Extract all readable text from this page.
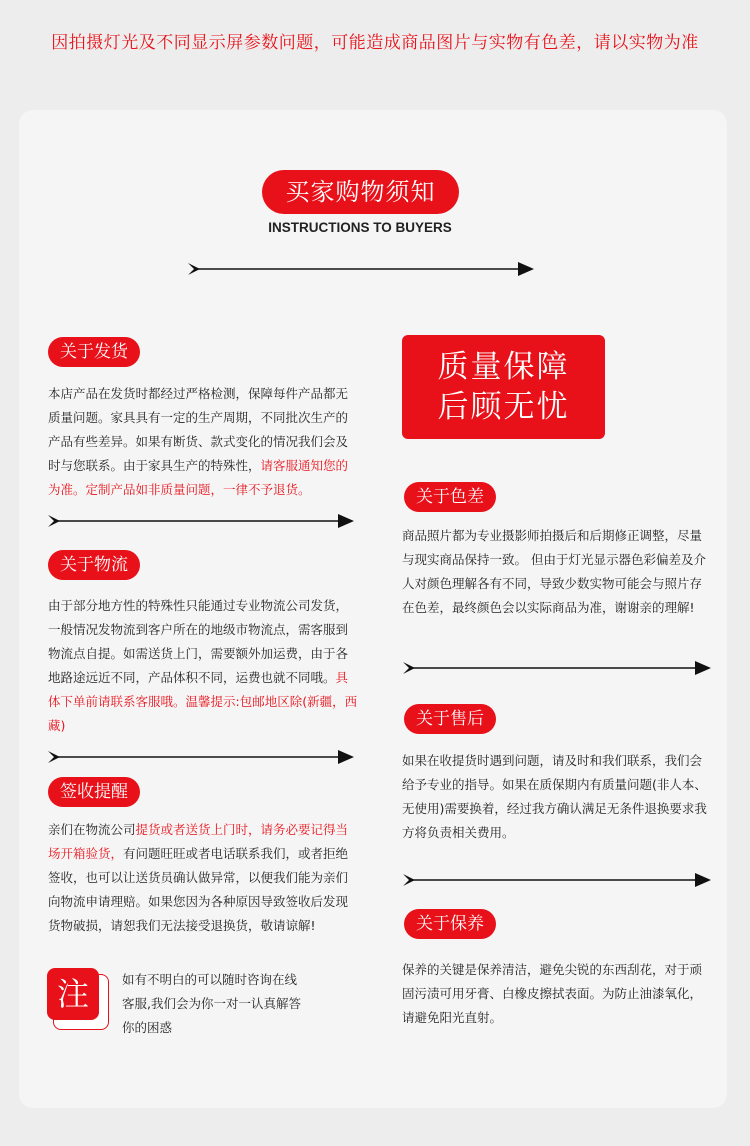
因拍摄灯光及不同显示屏参数问题，可能造成商品图片与实物有色差，请以实物为准
买家购物须知
INSTRUCTIONS TO BUYERS
关于发货
本店产品在发货时都经过严格检测，保障每件产品都无质量问题。家具具有一定的生产周期，不同批次生产的产品有些差异。如果有断货、款式变化的情况我们会及时与您联系。由于家具生产的特殊性，请客服通知您的为准。定制产品如非质量问题，一律不予退货。
关于物流
由于部分地方性的特殊性只能通过专业物流公司发货，一般情况发物流到客户所在的地级市物流点，需客服到物流点自提。如需送货上门，需要额外加运费，由于各地路途远近不同，产品体积不同，运费也就不同哦。具体下单前请联系客服哦。温馨提示:包邮地区除(新疆，西藏)
签收提醒
亲们在物流公司提货或者送货上门时，请务必要记得当场开箱验货，有问题旺旺或者电话联系我们，或者拒绝签收，也可以让送货员确认做异常，以便我们能为亲们向物流申请理赔。如果您因为各种原因导致签收后发现货物破损，请恕我们无法接受退换货，敬请谅解!
注	如有不明白的可以随时咨询在线客服,我们会为你一对一认真解答你的困惑
质量保障
后顾无忧
关于色差
商品照片都为专业摄影师拍摄后和后期修正调整，尽量与现实商品保持一致。 但由于灯光显示器色彩偏差及介人对颜色理解各有不同，导致少数实物可能会与照片存在色差，最终颜色会以实际商品为准，谢谢亲的理解!
关于售后
如果在收提货时遇到问题，请及时和我们联系，我们会给予专业的指导。如果在质保期内有质量问题(非人本、无使用)需要换着，经过我方确认满足无条件退换要求我方将负责相关费用。
关于保养
保养的关键是保养清洁，避免尖锐的东西刮花，对于顽固污渍可用牙膏、白橡皮擦拭表面。为防止油漆氧化，请避免阳光直射。
